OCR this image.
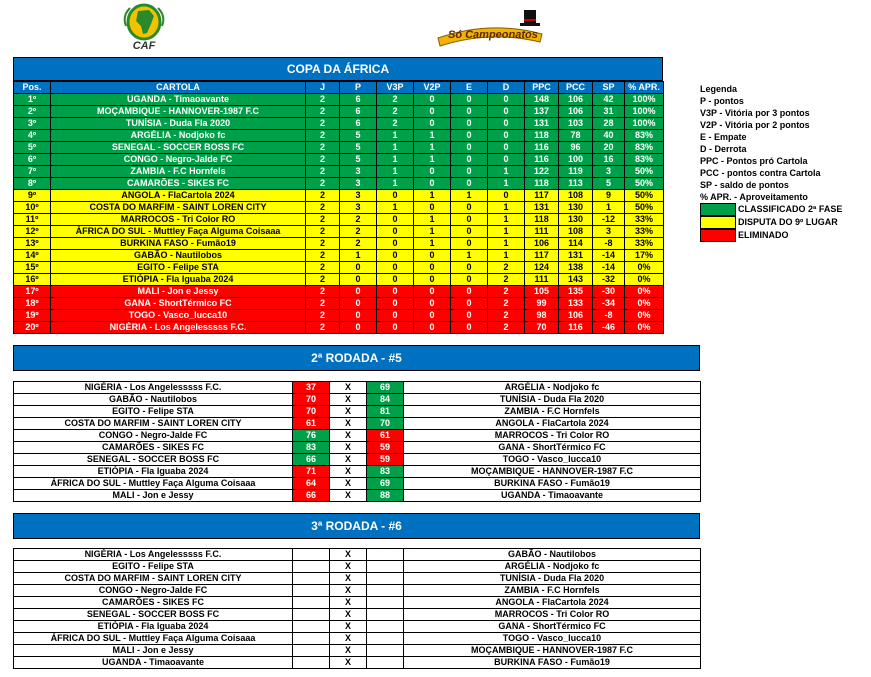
CAF
Só Campeonatos
COPA DA ÁFRICA
Pos.	CARTOLA	J	P	V3P	V2P	E	D	PPC	PCC	SP	% APR.
1º	UGANDA - Timaoavante	2	6	2	0	0	0	148	106	42	100%
2º	MOÇAMBIQUE - HANNOVER-1987 F.C	2	6	2	0	0	0	137	106	31	100%
3º	TUNÍSIA - Duda Fla 2020	2	6	2	0	0	0	131	103	28	100%
4º	ARGÉLIA - Nodjoko fc	2	5	1	1	0	0	118	78	40	83%
5º	SENEGAL - SOCCER BOSS FC	2	5	1	1	0	0	116	96	20	83%
6º	CONGO - Negro-Jalde FC	2	5	1	1	0	0	116	100	16	83%
7º	ZAMBIA - F.C Hornfels	2	3	1	0	0	1	122	119	3	50%
8º	CAMARÕES - SIKES FC	2	3	1	0	0	1	118	113	5	50%
9º	ANGOLA - FlaCartola 2024	2	3	0	1	1	0	117	108	9	50%
10º	COSTA DO MARFIM - SAINT LOREN CITY	2	3	1	0	0	1	131	130	1	50%
11º	MARROCOS - Tri Color RO	2	2	0	1	0	1	118	130	-12	33%
12º	ÁFRICA DO SUL - Muttley Faça Alguma Coisaaa	2	2	0	1	0	1	111	108	3	33%
13º	BURKINA FASO - Fumão19	2	2	0	1	0	1	106	114	-8	33%
14º	GABÃO - Nautilobos	2	1	0	0	1	1	117	131	-14	17%
15º	EGITO - Felipe STA	2	0	0	0	0	2	124	138	-14	0%
16º	ETIÓPIA - Fla Iguaba 2024	2	0	0	0	0	2	111	143	-32	0%
17º	MALI - Jon e Jessy	2	0	0	0	0	2	105	135	-30	0%
18º	GANA - ShortTérmico FC	2	0	0	0	0	2	99	133	-34	0%
19º	TOGO - Vasco_lucca10	2	0	0	0	0	2	98	106	-8	0%
20º	NIGÉRIA - Los Angelesssss F.C.	2	0	0	0	0	2	70	116	-46	0%
Legenda
P - pontos
V3P - Vitória por 3 pontos
V2P - Vitória por 2 pontos
E - Empate
D - Derrota
PPC - Pontos pró Cartola
PCC - pontos contra Cartola
SP - saldo de pontos
% APR. - Aproveitamento
CLASSIFICADO 2ª FASE
DISPUTA DO 9º LUGAR
ELIMINADO
2ª RODADA - #5
NIGÉRIA - Los Angelesssss F.C.	37	X	69	ARGÉLIA - Nodjoko fc
GABÃO - Nautilobos	70	X	84	TUNÍSIA - Duda Fla 2020
EGITO - Felipe STA	70	X	81	ZAMBIA - F.C Hornfels
COSTA DO MARFIM - SAINT LOREN CITY	61	X	70	ANGOLA - FlaCartola 2024
CONGO - Negro-Jalde FC	76	X	61	MARROCOS - Tri Color RO
CAMARÕES - SIKES FC	83	X	59	GANA - ShortTérmico FC
SENEGAL - SOCCER BOSS FC	66	X	59	TOGO - Vasco_lucca10
ETIÓPIA - Fla Iguaba 2024	71	X	83	MOÇAMBIQUE - HANNOVER-1987 F.C
ÁFRICA DO SUL - Muttley Faça Alguma Coisaaa	64	X	69	BURKINA FASO - Fumão19
MALI - Jon e Jessy	66	X	88	UGANDA - Timaoavante
3ª RODADA - #6
NIGÉRIA - Los Angelesssss F.C.		X		GABÃO - Nautilobos
EGITO - Felipe STA		X		ARGÉLIA - Nodjoko fc
COSTA DO MARFIM - SAINT LOREN CITY		X		TUNÍSIA - Duda Fla 2020
CONGO - Negro-Jalde FC		X		ZAMBIA - F.C Hornfels
CAMARÕES - SIKES FC		X		ANGOLA - FlaCartola 2024
SENEGAL - SOCCER BOSS FC		X		MARROCOS - Tri Color RO
ETIÓPIA - Fla Iguaba 2024		X		GANA - ShortTérmico FC
ÁFRICA DO SUL - Muttley Faça Alguma Coisaaa		X		TOGO - Vasco_lucca10
MALI - Jon e Jessy		X		MOÇAMBIQUE - HANNOVER-1987 F.C
UGANDA - Timaoavante		X		BURKINA FASO - Fumão19
